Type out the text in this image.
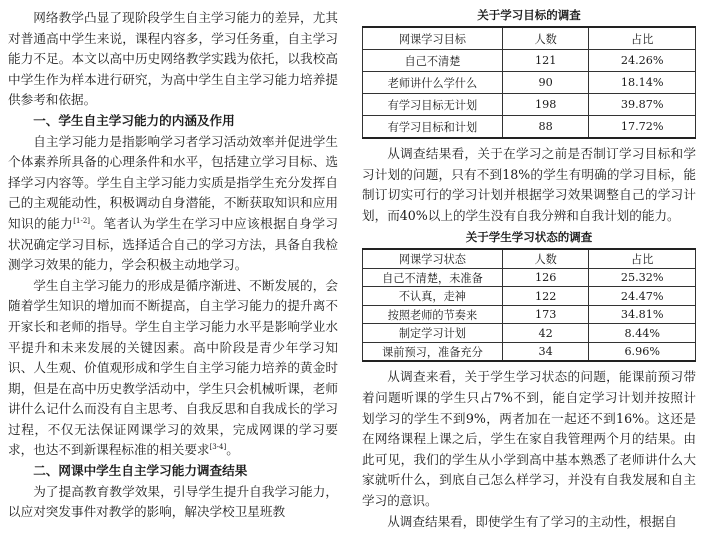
网络教学凸显了现阶段学生自主学习能力的差异，尤其对普通高中学生来说，课程内容多，学习任务重，自主学习能力不足。本文以高中历史网络教学实践为依托，以我校高中学生作为样本进行研究，为高中学生自主学习能力培养提供参考和依据。

一、学生自主学习能力的内涵及作用

自主学习能力是指影响学习者学习活动效率并促进学生个体素养所具备的心理条件和水平，包括建立学习目标、选择学习内容等。学生自主学习能力实质是指学生充分发挥自己的主观能动性，积极调动自身潜能，不断获取知识和应用知识的能力[1-2]。笔者认为学生在学习中应该根据自身学习状况确定学习目标，选择适合自己的学习方法，具备自我检测学习效果的能力，学会积极主动地学习。

学生自主学习能力的形成是循序渐进、不断发展的，会随着学生知识的增加而不断提高，自主学习能力的提升离不开家长和老师的指导。学生自主学习能力水平是影响学业水平提升和未来发展的关键因素。高中阶段是青少年学习知识、人生观、价值观形成和学生自主学习能力培养的黄金时期，但是在高中历史教学活动中，学生只会机械听课，老师讲什么记什么而没有自主思考、自我反思和自我成长的学习过程，不仅无法保证网课学习的效果，完成网课的学习要求，也达不到新课程标准的相关要求[3-4]。

二、网课中学生自主学习能力调查结果

为了提高教育教学效果，引导学生提升自我学习能力，以应对突发事件对教学的影响，解决学校卫星班教

关于学习目标的调查
网课学习目标	人数	占比
自己不清楚	121	24.26%
老师讲什么学什么	90	18.14%
有学习目标无计划	198	39.87%
有学习目标和计划	88	17.72%

从调查结果看，关于在学习之前是否制订学习目标和学习计划的问题，只有不到18%的学生有明确的学习目标，能制订切实可行的学习计划并根据学习效果调整自己的学习计划，而40%以上的学生没有自我分辨和自我计划的能力。

关于学生学习状态的调查
网课学习状态	人数	占比
自己不清楚，未准备	126	25.32%
不认真，走神	122	24.47%
按照老师的节奏来	173	34.81%
制定学习计划	42	8.44%
课前预习，准备充分	34	6.96%

从调查来看，关于学生学习状态的问题，能课前预习带着问题听课的学生只占7%不到，能自定学习计划并按照计划学习的学生不到9%，两者加在一起还不到16%。这还是在网络课程上课之后，学生在家自我管理两个月的结果。由此可见，我们的学生从小学到高中基本熟悉了老师讲什么大家就听什么，到底自己怎么样学习，并没有自我发展和自主学习的意识。

从调查结果看，即使学生有了学习的主动性，根据自
